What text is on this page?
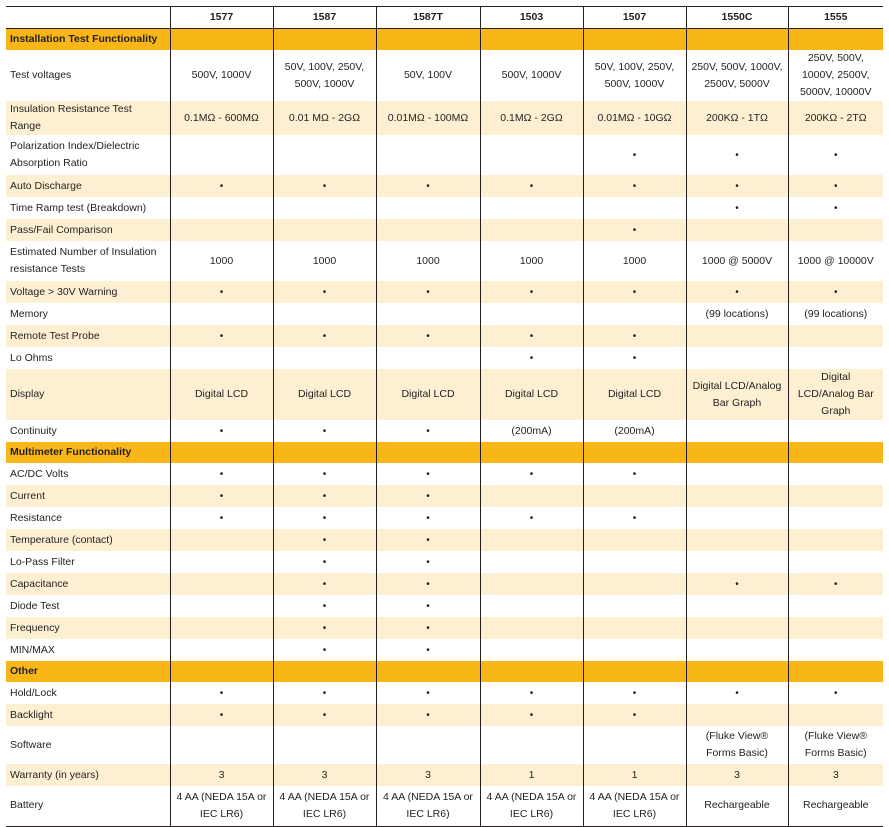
	1577	1587	1587T	1503	1507	1550C	1555
Installation Test Functionality							
Test voltages	500V, 1000V	50V, 100V, 250V, 500V, 1000V	50V, 100V	500V, 1000V	50V, 100V, 250V, 500V, 1000V	250V, 500V, 1000V, 2500V, 5000V	250V, 500V, 1000V, 2500V, 5000V, 10000V
Insulation Resistance Test Range	0.1MΩ - 600MΩ	0.01 MΩ - 2GΩ	0.01MΩ - 100MΩ	0.1MΩ - 2GΩ	0.01MΩ - 10GΩ	200KΩ - 1TΩ	200KΩ - 2TΩ
Polarization Index/Dielectric Absorption Ratio					•	•	•
Auto Discharge	•	•	•	•	•	•	•
Time Ramp test (Breakdown)						•	•
Pass/Fail Comparison					•		
Estimated Number of Insulation resistance Tests	1000	1000	1000	1000	1000	1000 @ 5000V	1000 @ 10000V
Voltage > 30V Warning	•	•	•	•	•	•	•
Memory						(99 locations)	(99 locations)
Remote Test Probe	•	•	•	•	•		
Lo Ohms				•	•		
Display	Digital LCD	Digital LCD	Digital LCD	Digital LCD	Digital LCD	Digital LCD/Analog Bar Graph	Digital LCD/Analog Bar Graph
Continuity	•	•	•	(200mA)	(200mA)		
Multimeter Functionality							
AC/DC Volts	•	•	•	•	•		
Current	•	•	•				
Resistance	•	•	•	•	•		
Temperature (contact)		•	•				
Lo-Pass Filter		•	•				
Capacitance		•	•			•	•
Diode Test		•	•				
Frequency		•	•				
MIN/MAX		•	•				
Other							
Hold/Lock	•	•	•	•	•	•	•
Backlight	•	•	•	•	•		
Software						(Fluke View® Forms Basic)	(Fluke View® Forms Basic)
Warranty (in years)	3	3	3	1	1	3	3
Battery	4 AA (NEDA 15A or IEC LR6)	4 AA (NEDA 15A or IEC LR6)	4 AA (NEDA 15A or IEC LR6)	4 AA (NEDA 15A or IEC LR6)	4 AA (NEDA 15A or IEC LR6)	Rechargeable	Rechargeable
